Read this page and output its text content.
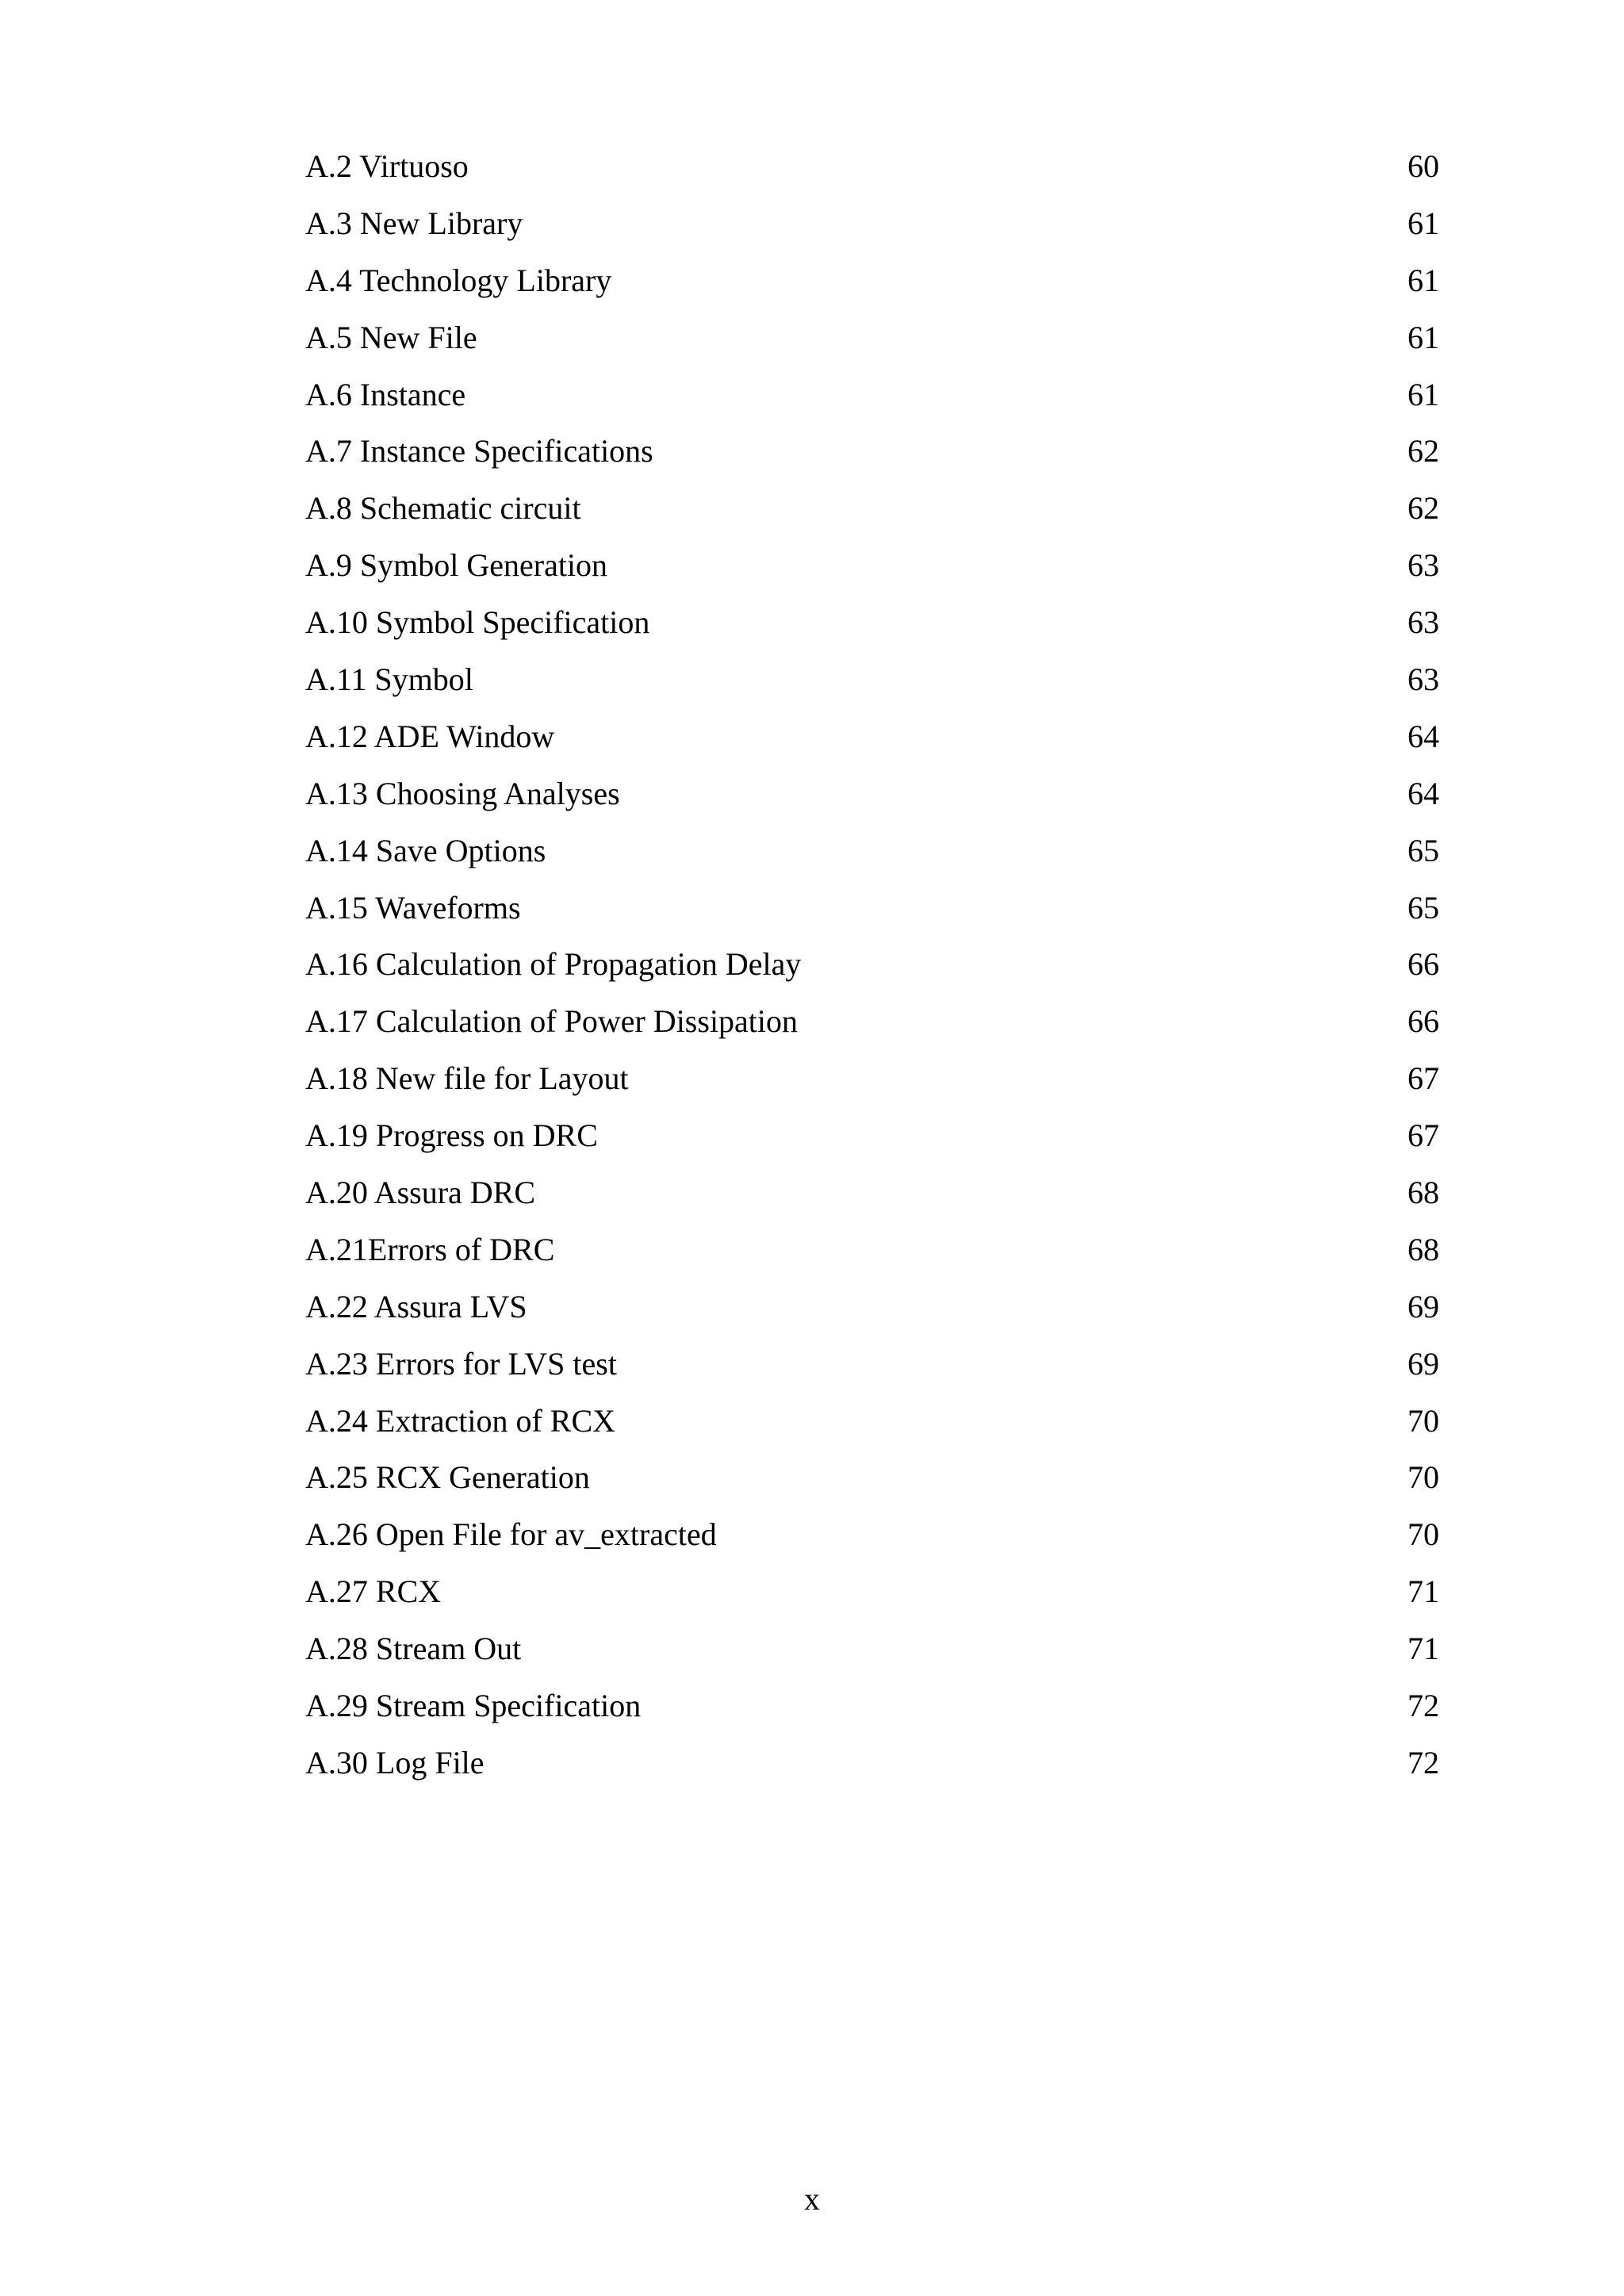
A.2 Virtuoso	60
A.3 New Library	61
A.4 Technology Library	61
A.5 New File	61
A.6 Instance	61
A.7 Instance Specifications	62
A.8 Schematic circuit	62
A.9 Symbol Generation	63
A.10 Symbol Specification	63
A.11 Symbol	63
A.12 ADE Window	64
A.13 Choosing Analyses	64
A.14 Save Options	65
A.15 Waveforms	65
A.16 Calculation of Propagation Delay	66
A.17 Calculation of Power Dissipation	66
A.18 New file for Layout	67
A.19 Progress on DRC	67
A.20 Assura DRC	68
A.21Errors of DRC	68
A.22 Assura LVS	69
A.23 Errors for LVS test	69
A.24 Extraction of RCX	70
A.25 RCX Generation	70
A.26 Open File for av_extracted	70
A.27 RCX	71
A.28 Stream Out	71
A.29 Stream Specification	72
A.30 Log File	72
x
